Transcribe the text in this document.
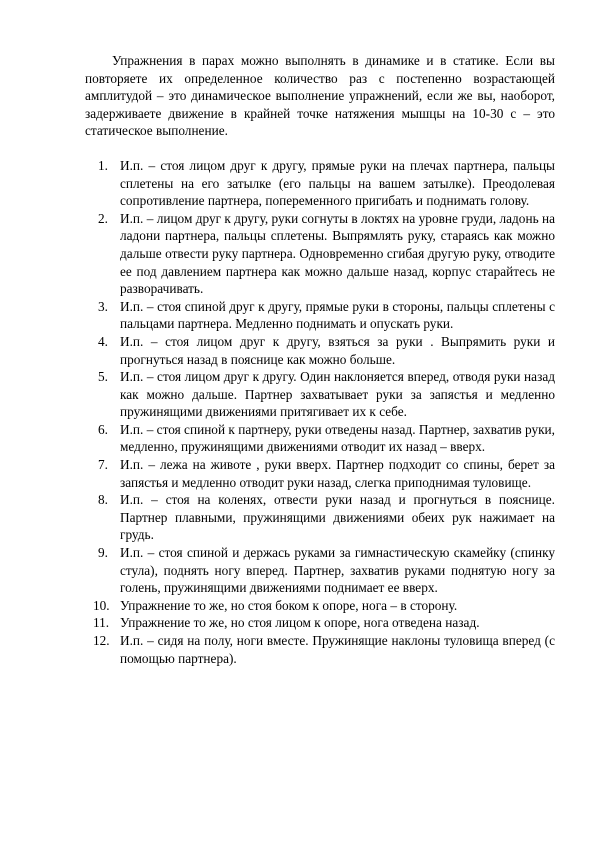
Упражнения в парах можно выполнять в динамике и в статике. Если вы повторяете их определенное количество раз с постепенно возрастающей амплитудой – это динамическое выполнение упражнений, если же вы, наоборот, задерживаете движение в крайней точке натяжения мышцы на 10-30 с – это статическое выполнение.

1. И.п. – стоя лицом друг к другу, прямые руки на плечах партнера, пальцы сплетены на его затылке (его пальцы на вашем затылке). Преодолевая сопротивление партнера, попеременного пригибать и поднимать голову.
2. И.п. – лицом друг к другу, руки согнуты в локтях на уровне груди, ладонь на ладони партнера, пальцы сплетены. Выпрямлять руку, стараясь как можно дальше отвести руку партнера. Одновременно сгибая другую руку, отводите ее под давлением партнера как можно дальше назад, корпус старайтесь не разворачивать.
3. И.п. – стоя спиной друг к другу, прямые руки в стороны, пальцы сплетены с пальцами партнера. Медленно поднимать и опускать руки.
4. И.п. – стоя лицом друг к другу, взяться за руки . Выпрямить руки и прогнуться назад в пояснице как можно больше.
5. И.п. – стоя лицом друг к другу. Один наклоняется вперед, отводя руки назад как можно дальше. Партнер захватывает руки за запястья и медленно пружинящими движениями притягивает их к себе.
6. И.п. – стоя спиной к партнеру, руки отведены назад. Партнер, захватив руки, медленно, пружинящими движениями отводит их назад – вверх.
7. И.п. – лежа на животе , руки вверх. Партнер подходит со спины, берет за запястья и медленно отводит руки назад, слегка приподнимая туловище.
8. И.п. – стоя на коленях, отвести руки назад и прогнуться в пояснице. Партнер плавными, пружинящими движениями обеих рук нажимает на грудь.
9. И.п. – стоя спиной и держась руками за гимнастическую скамейку (спинку стула), поднять ногу вперед. Партнер, захватив руками поднятую ногу за голень, пружинящими движениями поднимает ее вверх.
10. Упражнение то же, но стоя боком к опоре, нога – в сторону.
11. Упражнение то же, но стоя лицом к опоре, нога отведена назад.
12. И.п. – сидя на полу, ноги вместе. Пружинящие наклоны туловища вперед (с помощью партнера).
